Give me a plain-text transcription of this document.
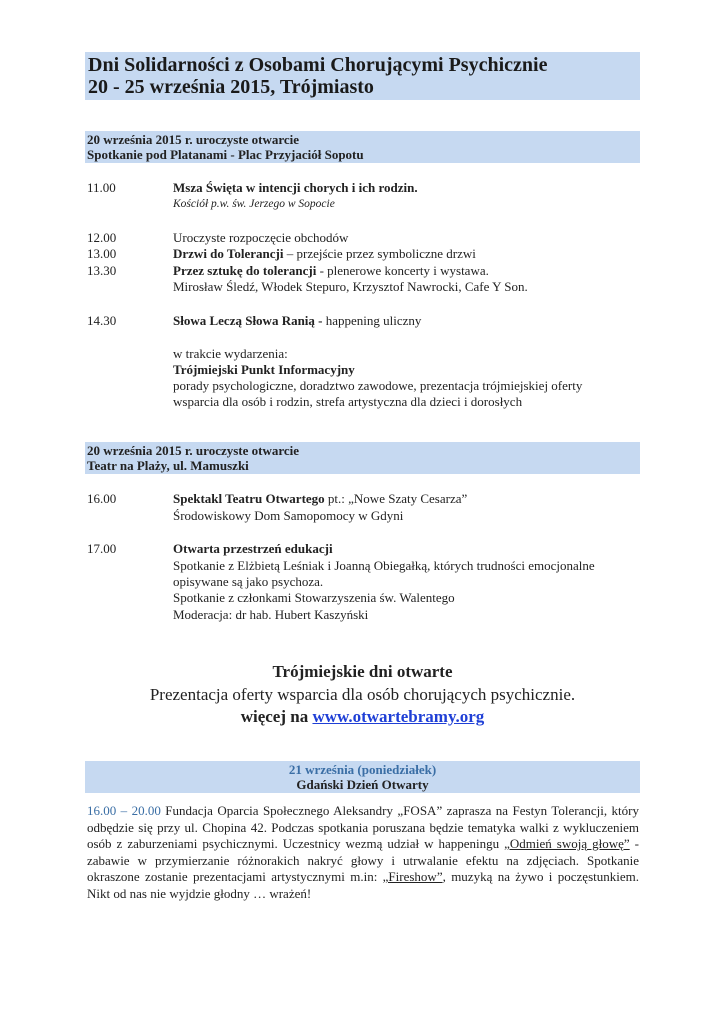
Dni Solidarności z Osobami Chorującymi Psychicznie
20 - 25 września 2015, Trójmiasto
20 września 2015 r. uroczyste otwarcie
Spotkanie pod Platanami - Plac Przyjaciół Sopotu
11.00	Msza Święta w intencji chorych i ich rodzin.
Kościół p.w. św. Jerzego w Sopocie
12.00	Uroczyste rozpoczęcie obchodów
13.00	Drzwi do Tolerancji – przejście przez symboliczne drzwi
13.30	Przez sztukę do tolerancji - plenerowe koncerty i wystawa.
Mirosław Śledź, Włodek Stepuro, Krzysztof Nawrocki, Cafe Y Son.
14.30	Słowa Leczą Słowa Ranią - happening uliczny
w trakcie wydarzenia:
Trójmiejski Punkt Informacyjny
porady psychologiczne, doradztwo zawodowe, prezentacja trójmiejskiej oferty
wsparcia dla osób i rodzin, strefa artystyczna dla dzieci i dorosłych
20 września 2015 r. uroczyste otwarcie
Teatr na Plaży, ul. Mamuszki
16.00	Spektakl Teatru Otwartego pt.: „Nowe Szaty Cesarza”
Środowiskowy Dom Samopomocy w Gdyni
17.00	Otwarta przestrzeń edukacji
Spotkanie z Elżbietą Leśniak i Joanną Obiegałką, których trudności emocjonalne
opisywane są jako psychoza.
Spotkanie z członkami Stowarzyszenia św. Walentego
Moderacja: dr hab. Hubert Kaszyński
Trójmiejskie dni otwarte
Prezentacja oferty wsparcia dla osób chorujących psychicznie.
więcej na www.otwartebramy.org
21 września (poniedziałek)
Gdański Dzień Otwarty
16.00 – 20.00 Fundacja Oparcia Społecznego Aleksandry „FOSA” zaprasza na Festyn Tolerancji, który odbędzie się przy ul. Chopina 42. Podczas spotkania poruszana będzie tematyka walki z wykluczeniem osób z zaburzeniami psychicznymi. Uczestnicy wezmą udział w happeningu „Odmień swoją głowę” - zabawie w przymierzanie różnorakich nakryć głowy i utrwalanie efektu na zdjęciach. Spotkanie okraszone zostanie prezentacjami artystycznymi m.in: „Fireshow”, muzyką na żywo i poczęstunkiem. Nikt od nas nie wyjdzie głodny … wrażeń!
